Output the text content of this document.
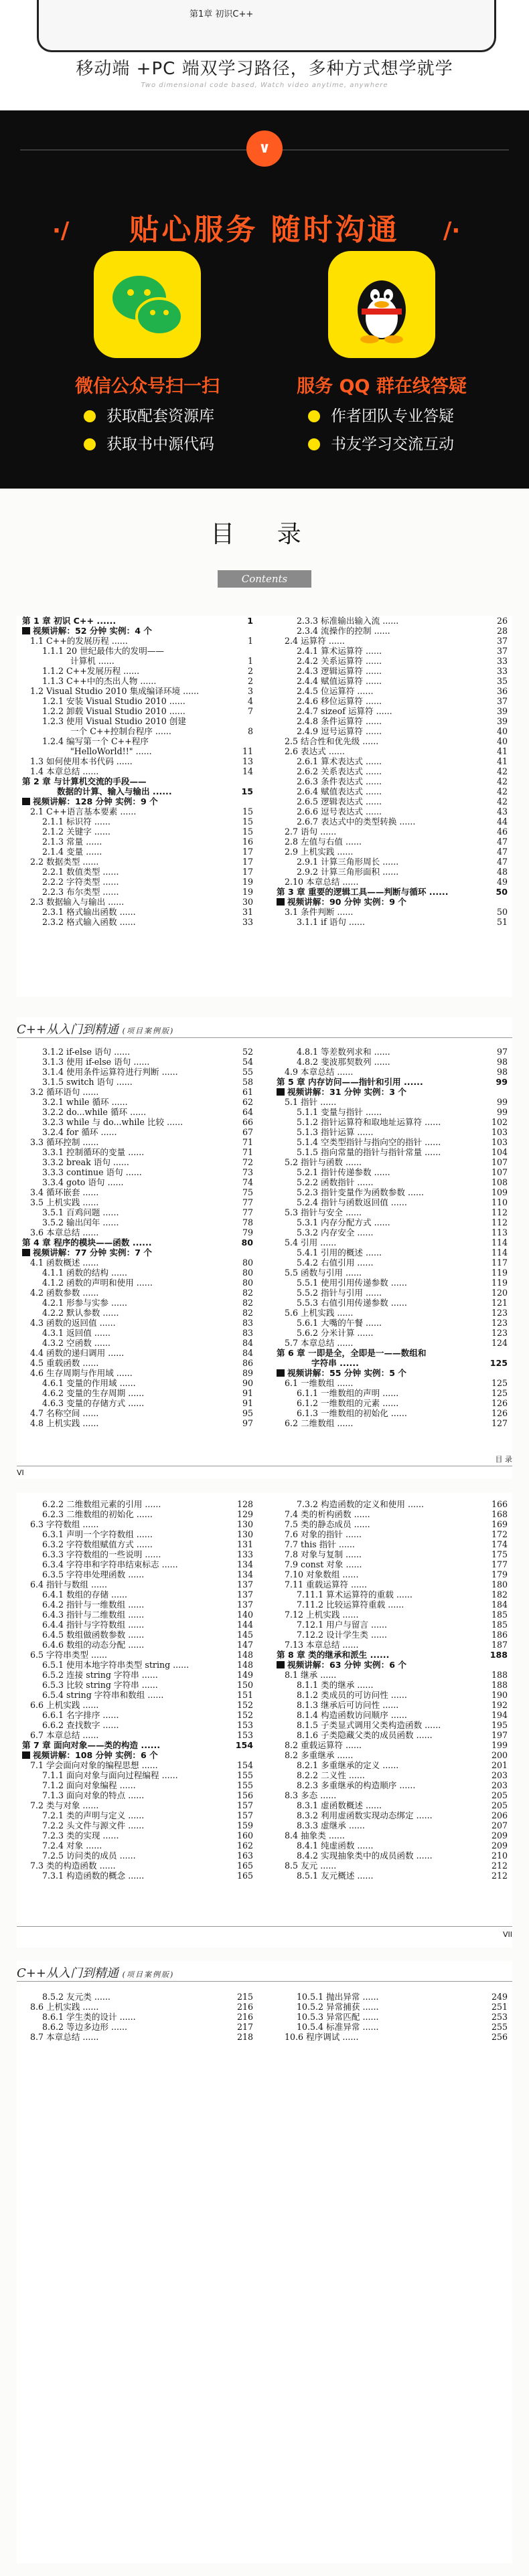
第1章 初识C++
移动端 +PC 端双学习路径，多种方式想学就学
Two dimensional code based, Watch video anytime, anywhere
∨
·/	贴心服务 随时沟通	/·
微信公众号扫一扫	服务 QQ 群在线答疑
获取配套资源库
获取书中源代码
作者团队专业答疑
书友学习交流互动
目 录
Contents
第 1 章 初识 C++ ......	1
视频讲解：52 分钟 实例：4 个
1.1 C++的发展历程 ......	1
1.1.1 20 世纪最伟大的发明——
计算机 ......	1
1.1.2 C++发展历程 ......	2
1.1.3 C++中的杰出人物 ......	2
1.2 Visual Studio 2010 集成编译环境 ......	3
1.2.1 安装 Visual Studio 2010 ......	4
1.2.2 卸载 Visual Studio 2010 ......	7
1.2.3 使用 Visual Studio 2010 创建
一个 C++控制台程序 ......	8
1.2.4 编写第一个 C++程序
"HelloWorld!!" ......	11
1.3 如何使用本书代码 ......	13
1.4 本章总结 ......	14
第 2 章 与计算机交流的手段——
数据的计算、输入与输出 ......	15
视频讲解：128 分钟 实例：9 个
2.1 C++语言基本要素 ......	15
2.1.1 标识符 ......	15
2.1.2 关键字 ......	15
2.1.3 常量 ......	16
2.1.4 变量 ......	17
2.2 数据类型 ......	17
2.2.1 数值类型 ......	17
2.2.2 字符类型 ......	19
2.2.3 布尔类型 ......	19
2.3 数据输入与输出 ......	30
2.3.1 格式输出函数 ......	31
2.3.2 格式输入函数 ......	33
2.3.3 标准输出输入流 ......	26
2.3.4 流操作的控制 ......	28
2.4 运算符 ......	37
2.4.1 算术运算符 ......	37
2.4.2 关系运算符 ......	33
2.4.3 逻辑运算符 ......	33
2.4.4 赋值运算符 ......	35
2.4.5 位运算符 ......	36
2.4.6 移位运算符 ......	37
2.4.7 sizeof 运算符 ......	39
2.4.8 条件运算符 ......	39
2.4.9 逗号运算符 ......	40
2.5 结合性和优先级 ......	40
2.6 表达式 ......	41
2.6.1 算术表达式 ......	41
2.6.2 关系表达式 ......	42
2.6.3 条件表达式 ......	42
2.6.4 赋值表达式 ......	42
2.6.5 逻辑表达式 ......	42
2.6.6 逗号表达式 ......	43
2.6.7 表达式中的类型转换 ......	44
2.7 语句 ......	46
2.8 左值与右值 ......	47
2.9 上机实践 ......	47
2.9.1 计算三角形周长 ......	47
2.9.2 计算三角形面积 ......	48
2.10 本章总结 ......	49
第 3 章 重要的逻辑工具——判断与循环 ......	50
视频讲解：90 分钟 实例：9 个
3.1 条件判断 ......	50
3.1.1 if 语句 ......	51
C++从入门到精通 (项目案例版)
3.1.2 if-else 语句 ......	52
3.1.3 使用 if-else 语句 ......	54
3.1.4 使用条件运算符进行判断 ......	55
3.1.5 switch 语句 ......	58
3.2 循环语句 ......	61
3.2.1 while 循环 ......	62
3.2.2 do...while 循环 ......	64
3.2.3 while 与 do...while 比较 ......	66
3.2.4 for 循环 ......	67
3.3 循环控制 ......	71
3.3.1 控制循环的变量 ......	71
3.3.2 break 语句 ......	72
3.3.3 continue 语句 ......	73
3.3.4 goto 语句 ......	74
3.4 循环嵌套 ......	75
3.5 上机实践 ......	77
3.5.1 百鸡问题 ......	77
3.5.2 输出闰年 ......	78
3.6 本章总结 ......	79
第 4 章 程序的模块——函数 ......	80
视频讲解：77 分钟 实例：7 个
4.1 函数概述 ......	80
4.1.1 函数的结构 ......	80
4.1.2 函数的声明和使用 ......	80
4.2 函数参数 ......	82
4.2.1 形参与实参 ......	82
4.2.2 默认参数 ......	82
4.3 函数的返回值 ......	83
4.3.1 返回值 ......	83
4.3.2 空函数 ......	84
4.4 函数的递归调用 ......	84
4.5 重载函数 ......	86
4.6 生存周期与作用域 ......	89
4.6.1 变量的作用域 ......	90
4.6.2 变量的生存周期 ......	91
4.6.3 变量的存储方式 ......	91
4.7 名称空间 ......	95
4.8 上机实践 ......	97
4.8.1 等差数列求和 ......	97
4.8.2 斐波那契数列 ......	98
4.9 本章总结 ......	98
第 5 章 内存访问——指针和引用 ......	99
视频讲解：31 分钟 实例：3 个
5.1 指针 ......	99
5.1.1 变量与指针 ......	99
5.1.2 指针运算符和取地址运算符 ......	102
5.1.3 指针运算 ......	103
5.1.4 空类型指针与指向空的指针 ......	103
5.1.5 指向常量的指针与指针常量 ......	104
5.2 指针与函数 ......	107
5.2.1 指针传递参数 ......	107
5.2.2 函数指针 ......	108
5.2.3 指针变量作为函数参数 ......	109
5.2.4 指针与函数返回值 ......	110
5.3 指针与安全 ......	112
5.3.1 内存分配方式 ......	112
5.3.2 内存安全 ......	113
5.4 引用 ......	114
5.4.1 引用的概述 ......	114
5.4.2 右值引用 ......	117
5.5 函数与引用 ......	119
5.5.1 使用引用传递参数 ......	119
5.5.2 指针与引用 ......	120
5.5.3 右值引用传递参数 ......	121
5.6 上机实践 ......	123
5.6.1 大嘴的午餐 ......	123
5.6.2 分米计算 ......	123
5.7 本章总结 ......	124
第 6 章 一即是全，全即是一——数组和
字符串 ......	125
视频讲解：55 分钟 实例：5 个
6.1 一维数组 ......	125
6.1.1 一维数组的声明 ......	125
6.1.2 一维数组的元素 ......	126
6.1.3 一维数组的初始化 ......	126
6.2 二维数组 ......	127
VI
目 录
6.2.2 二维数组元素的引用 ......	128
6.2.3 二维数组的初始化 ......	129
6.3 字符数组 ......	130
6.3.1 声明一个字符数组 ......	130
6.3.2 字符数组赋值方式 ......	131
6.3.3 字符数组的一些说明 ......	133
6.3.4 字符串和字符串结束标志 ......	134
6.3.5 字符串处理函数 ......	134
6.4 指针与数组 ......	137
6.4.1 数组的存储 ......	137
6.4.2 指针与一维数组 ......	137
6.4.3 指针与二维数组 ......	140
6.4.4 指针与字符数组 ......	144
6.4.5 数组做函数参数 ......	145
6.4.6 数组的动态分配 ......	147
6.5 字符串类型 ......	148
6.5.1 使用本地字符串类型 string ......	148
6.5.2 连接 string 字符串 ......	149
6.5.3 比较 string 字符串 ......	150
6.5.4 string 字符串和数组 ......	151
6.6 上机实践 ......	152
6.6.1 名字排序 ......	152
6.6.2 查找数字 ......	153
6.7 本章总结 ......	153
第 7 章 面向对象——类的构造 ......	154
视频讲解：108 分钟 实例：6 个
7.1 学会面向对象的编程思想 ......	154
7.1.1 面向对象与面向过程编程 ......	155
7.1.2 面向对象编程 ......	155
7.1.3 面向对象的特点 ......	156
7.2 类与对象 ......	157
7.2.1 类的声明与定义 ......	157
7.2.2 头文件与源文件 ......	159
7.2.3 类的实现 ......	160
7.2.4 对象 ......	162
7.2.5 访问类的成员 ......	163
7.3 类的构造函数 ......	165
7.3.1 构造函数的概念 ......	165
7.3.2 构造函数的定义和使用 ......	166
7.4 类的析构函数 ......	168
7.5 类的静态成员 ......	169
7.6 对象的指针 ......	172
7.7 this 指针 ......	174
7.8 对象与复制 ......	175
7.9 const 对象 ......	177
7.10 对象数组 ......	179
7.11 重载运算符 ......	180
7.11.1 算术运算符的重载 ......	182
7.11.2 比较运算符重载 ......	184
7.12 上机实践 ......	185
7.12.1 用户与留言 ......	185
7.12.2 设计学生类 ......	186
7.13 本章总结 ......	187
第 8 章 类的继承和派生 ......	188
视频讲解：63 分钟 实例：6 个
8.1 继承 ......	188
8.1.1 类的继承 ......	188
8.1.2 类成员的可访问性 ......	190
8.1.3 继承后可访问性 ......	192
8.1.4 构造函数访问顺序 ......	194
8.1.5 子类显式调用父类构造函数 ......	195
8.1.6 子类隐藏父类的成员函数 ......	197
8.2 重载运算符 ......	199
8.2 多重继承 ......	200
8.2.1 多重继承的定义 ......	201
8.2.2 二义性 ......	203
8.2.3 多重继承的构造顺序 ......	203
8.3 多态 ......	205
8.3.1 虚函数概述 ......	205
8.3.2 利用虚函数实现动态绑定 ......	206
8.3.3 虚继承 ......	207
8.4 抽象类 ......	209
8.4.1 纯虚函数 ......	209
8.4.2 实现抽象类中的成员函数 ......	210
8.5 友元 ......	212
8.5.1 友元概述 ......	212
VII
C++从入门到精通 (项目案例版)
8.5.2 友元类 ......	215
8.6 上机实践 ......	216
8.6.1 学生类的设计 ......	216
8.6.2 等边多边形 ......	217
8.7 本章总结 ......	218
10.5.1 抛出异常 ......	249
10.5.2 异常捕获 ......	251
10.5.3 异常匹配 ......	253
10.5.4 标准异常 ......	255
10.6 程序调试 ......	256
